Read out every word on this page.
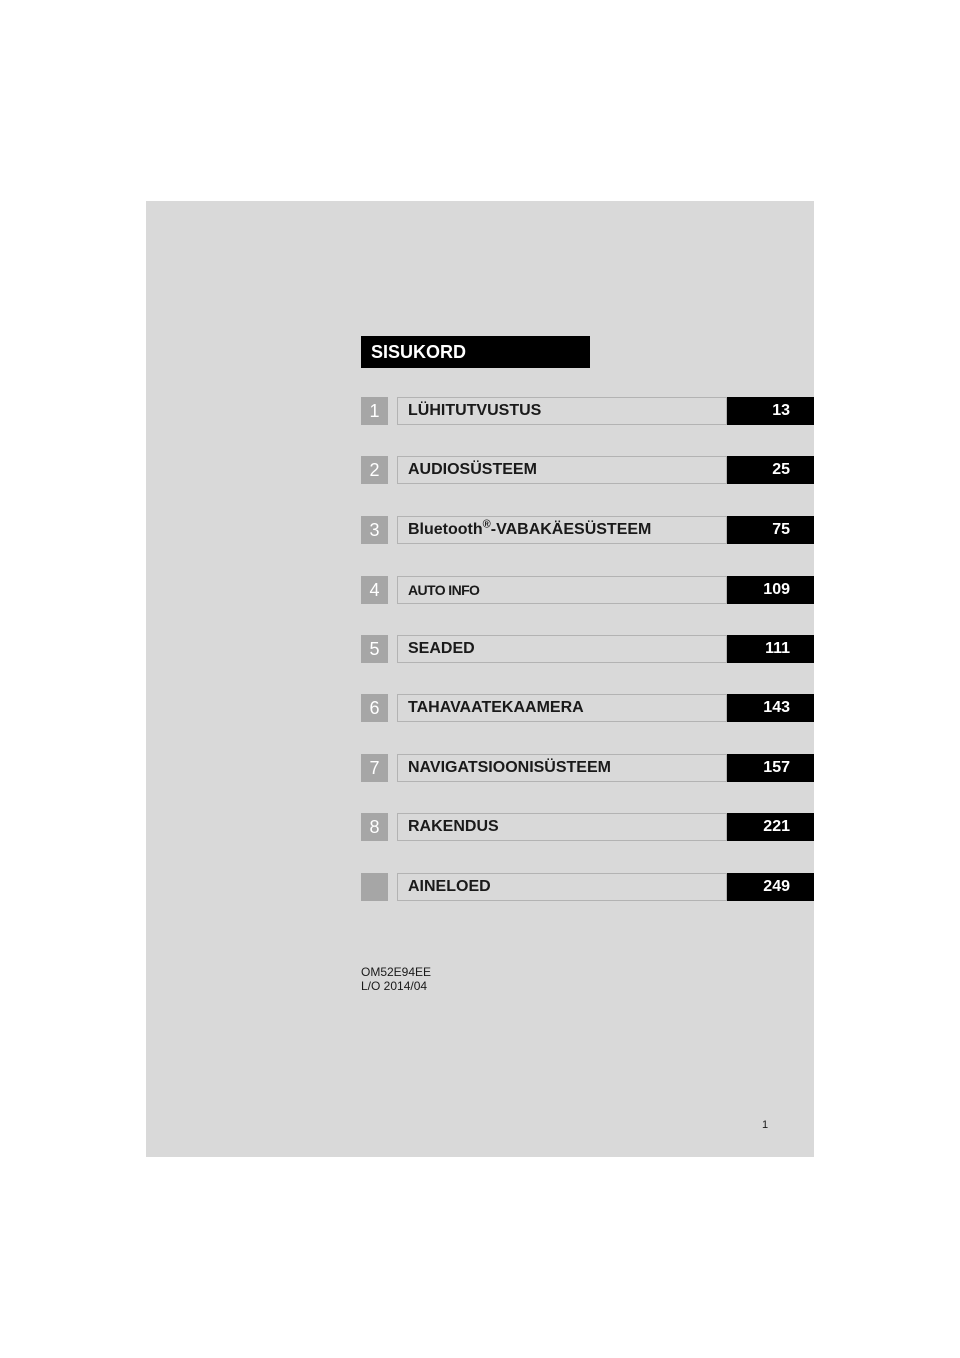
SISUKORD
1	LÜHITUTVUSTUS	13
2	AUDIOSÜSTEEM	25
3	Bluetooth®-VABAKÄESÜSTEEM	75
4	AUTO INFO	109
5	SEADED	111
6	TAHAVAATEKAAMERA	143
7	NAVIGATSIOONISÜSTEEM	157
8	RAKENDUS	221
AINELOED	249
OM52E94EE
L/O 2014/04
1
